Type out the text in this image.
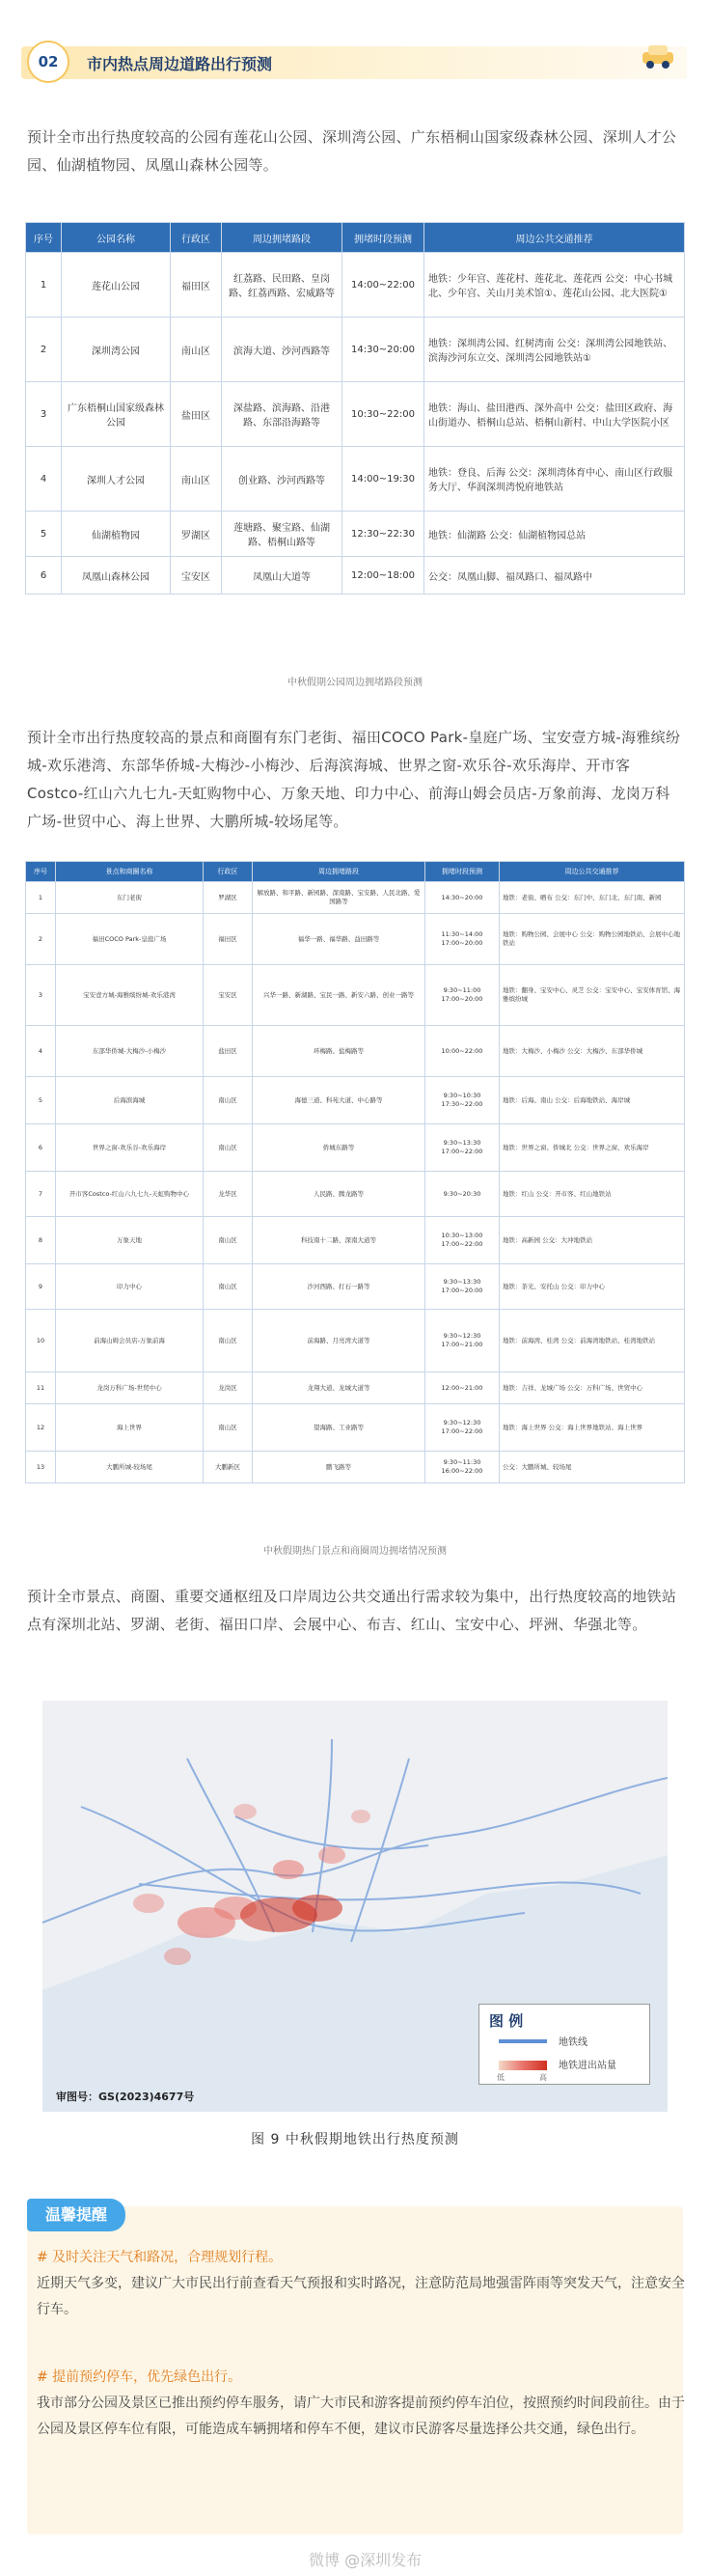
02	市内热点周边道路出行预测
预计全市出行热度较高的公园有莲花山公园、深圳湾公园、广东梧桐山国家级森林公园、深圳人才公园、仙湖植物园、凤凰山森林公园等。
序号	公园名称	行政区	周边拥堵路段	拥堵时段预测	周边公共交通推荐
1	莲花山公园	福田区	红荔路、民田路、皇岗路、红荔西路、宏威路等	14:00~22:00	地铁：少年宫、莲花村、莲花北、莲花西 公交：中心书城北、少年宫、关山月美术馆①、莲花山公园、北大医院①
2	深圳湾公园	南山区	滨海大道、沙河西路等	14:30~20:00	地铁：深圳湾公园、红树湾南 公交：深圳湾公园地铁站、滨海沙河东立交、深圳湾公园地铁站①
3	广东梧桐山国家级森林公园	盐田区	深盐路、滨海路、沿港路、东部沿海路等	10:30~22:00	地铁：海山、盐田港西、深外高中 公交：盐田区政府、海山街道办、梧桐山总站、梧桐山新村、中山大学医院小区
4	深圳人才公园	南山区	创业路、沙河西路等	14:00~19:30	地铁：登良、后海 公交：深圳湾体育中心、南山区行政服务大厅、华润深圳湾悦府地铁站
5	仙湖植物园	罗湖区	莲塘路、聚宝路、仙湖路、梧桐山路等	12:30~22:30	地铁：仙湖路 公交：仙湖植物园总站
6	凤凰山森林公园	宝安区	凤凰山大道等	12:00~18:00	公交：凤凰山脚、福凤路口、福凤路中
中秋假期公园周边拥堵路段预测
预计全市出行热度较高的景点和商圈有东门老街、福田COCO Park-皇庭广场、宝安壹方城-海雅缤纷城-欢乐港湾、东部华侨城-大梅沙-小梅沙、后海滨海城、世界之窗-欢乐谷-欢乐海岸、开市客Costco-红山六九七九-天虹购物中心、万象天地、印力中心、前海山姆会员店-万象前海、龙岗万科广场-世贸中心、海上世界、大鹏所城-较场尾等。
序号	景点和商圈名称	行政区	周边拥堵路段	拥堵时段预测	周边公共交通推荐
1	东门老街	罗湖区	解放路、和平路、新园路、深南路、宝安路、人民北路、爱国路等	14:30~20:00	地铁：老街、晒布 公交：东门中、东门北、东门南、新园
2	福田COCO Park-皇庭广场	福田区	福华一路、福华路、益田路等	11:30~14:00 17:00~20:00	地铁：购物公园、会展中心 公交：购物公园地铁站、会展中心地铁站
3	宝安壹方城-海雅缤纷城-欢乐港湾	宝安区	兴华一路、新湖路、宝民一路、新安六路、创业一路等	9:30~11:00 17:00~20:00	地铁：翻身、宝安中心、灵芝 公交：宝安中心、宝安体育馆、海雅缤纷城
4	东部华侨城-大梅沙-小梅沙	盐田区	环梅路、盐梅路等	10:00~22:00	地铁：大梅沙、小梅沙 公交：大梅沙、东部华侨城
5	后海滨海城	南山区	海德三道、科苑大道、中心路等	9:30~10:30 17:30~22:00	地铁：后海、南山 公交：后海地铁站、海岸城
6	世界之窗-欢乐谷-欢乐海岸	南山区	侨城东路等	9:30~13:30 17:00~22:00	地铁：世界之窗、侨城北 公交：世界之窗、欢乐海岸
7	开市客Costco-红山六九七九-天虹购物中心	龙华区	人民路、腾龙路等	9:30~20:30	地铁：红山 公交：开市客、红山地铁站
8	万象天地	南山区	科技南十二路、深南大道等	10:30~13:00 17:00~22:00	地铁：高新园 公交：大冲地铁站
9	印力中心	南山区	沙河西路、打石一路等	9:30~13:30 17:00~20:00	地铁：茶光、安托山 公交：印力中心
10	前海山姆会员店-万象前海	南山区	前海路、月亮湾大道等	9:30~12:30 17:00~21:00	地铁：前海湾、桂湾 公交：前海湾地铁站、桂湾地铁站
11	龙岗万科广场-世贸中心	龙岗区	龙翔大道、龙城大道等	12:00~21:00	地铁：吉祥、龙城广场 公交：万科广场、世贸中心
12	海上世界	南山区	望海路、工业路等	9:30~12:30 17:00~22:00	地铁：海上世界 公交：海上世界地铁站、海上世界
13	大鹏所城-较场尾	大鹏新区	鹏飞路等	9:30~11:30 16:00~22:00	公交：大鹏所城、较场尾
中秋假期热门景点和商圈周边拥堵情况预测
预计全市景点、商圈、重要交通枢纽及口岸周边公共交通出行需求较为集中，出行热度较高的地铁站点有深圳北站、罗湖、老街、福田口岸、会展中心、布吉、红山、宝安中心、坪洲、华强北等。
审图号：GS(2023)4677号
图 例
地铁线
地铁进出站量
低	高
图 9 中秋假期地铁出行热度预测
温馨提醒
# 及时关注天气和路况，合理规划行程。
近期天气多变，建议广大市民出行前查看天气预报和实时路况，注意防范局地强雷阵雨等突发天气，注意安全行车。
# 提前预约停车，优先绿色出行。
我市部分公园及景区已推出预约停车服务，请广大市民和游客提前预约停车泊位，按照预约时间段前往。由于公园及景区停车位有限，可能造成车辆拥堵和停车不便，建议市民游客尽量选择公共交通，绿色出行。
微博 @深圳发布
